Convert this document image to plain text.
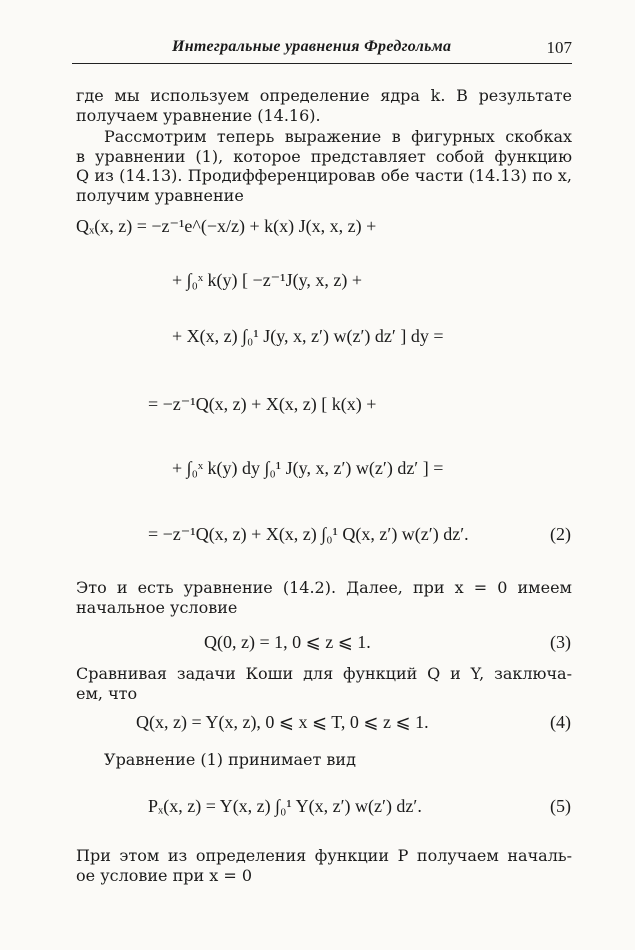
Интегральные уравнения Фредгольма	107
где мы используем определение ядра k. В результате
получаем уравнение (14.16).
Рассмотрим теперь выражение в фигурных скобках
в уравнении (1), которое представляет собой функцию
Q из (14.13). Продифференцировав обе части (14.13) по x,
получим уравнение
Qₓ(x, z) = −z⁻¹e^(−x/z) + k(x) J(x, x, z) +
+ ∫₀ˣ k(y) [ −z⁻¹J(y, x, z) +
+ X(x, z) ∫₀¹ J(y, x, z′) w(z′) dz′ ] dy =
= −z⁻¹Q(x, z) + X(x, z) [ k(x) +
+ ∫₀ˣ k(y) dy ∫₀¹ J(y, x, z′) w(z′) dz′ ] =
= −z⁻¹Q(x, z) + X(x, z) ∫₀¹ Q(x, z′) w(z′) dz′.	(2)
Это и есть уравнение (14.2). Далее, при x = 0 имеем
начальное условие
Q(0, z) = 1, 0 ⩽ z ⩽ 1.	(3)
Сравнивая задачи Коши для функций Q и Y, заключа-
ем, что
Q(x, z) = Y(x, z), 0 ⩽ x ⩽ T, 0 ⩽ z ⩽ 1.	(4)
Уравнение (1) принимает вид
Pₓ(x, z) = Y(x, z) ∫₀¹ Y(x, z′) w(z′) dz′.	(5)
При этом из определения функции P получаем началь-
ое условие при x = 0
